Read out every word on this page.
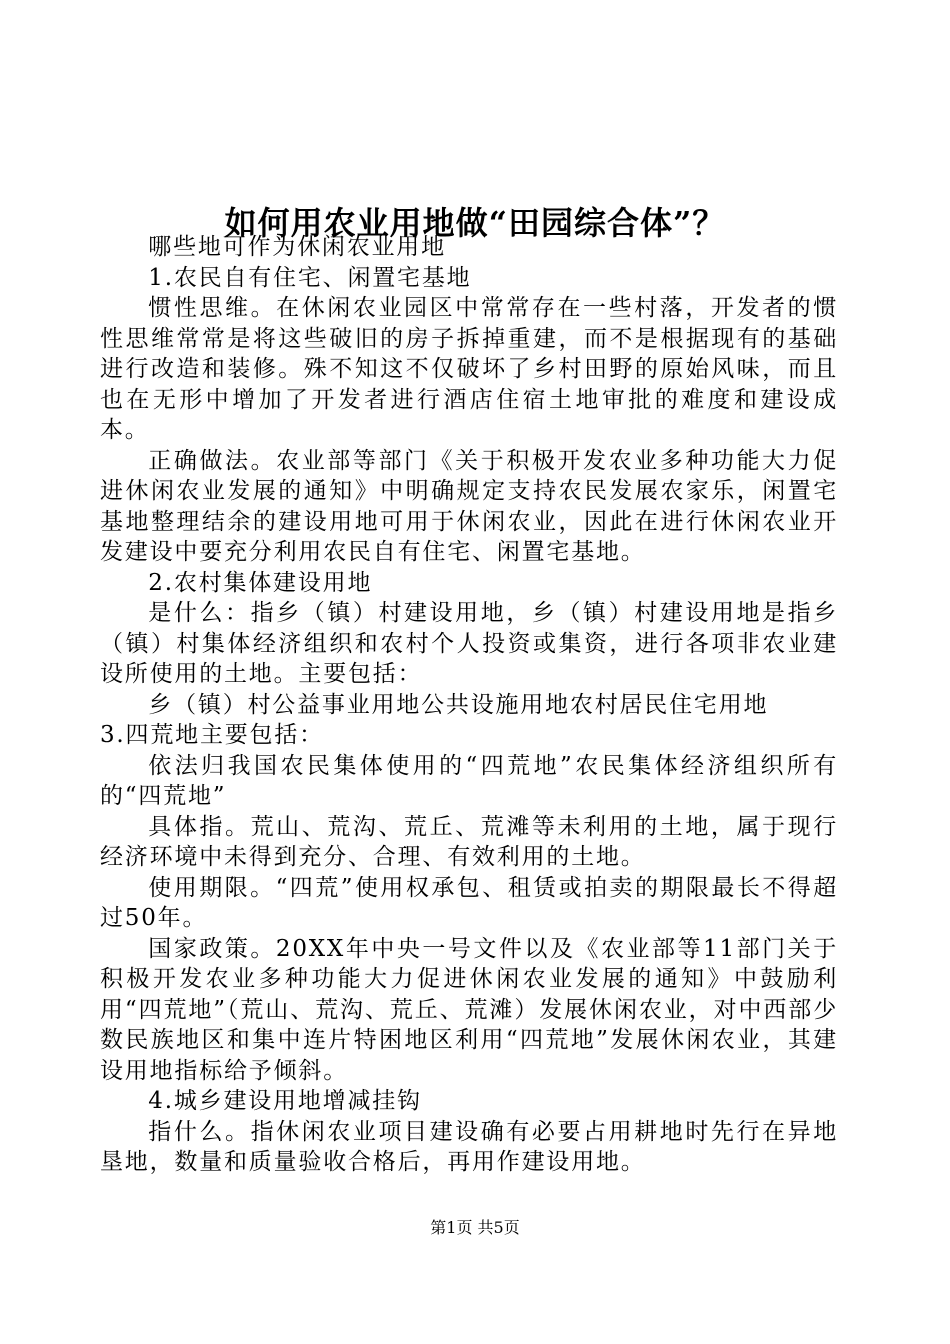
如何用农业用地做“田园综合体”？

哪些地可作为休闲农业用地

1.农民自有住宅、闲置宅基地

惯性思维。在休闲农业园区中常常存在一些村落，开发者的惯性思维常常是将这些破旧的房子拆掉重建，而不是根据现有的基础进行改造和装修。殊不知这不仅破坏了乡村田野的原始风味，而且也在无形中增加了开发者进行酒店住宿土地审批的难度和建设成本。

正确做法。农业部等部门《关于积极开发农业多种功能大力促进休闲农业发展的通知》中明确规定支持农民发展农家乐，闲置宅基地整理结余的建设用地可用于休闲农业，因此在进行休闲农业开发建设中要充分利用农民自有住宅、闲置宅基地。

2.农村集体建设用地

是什么：指乡（镇）村建设用地，乡（镇）村建设用地是指乡（镇）村集体经济组织和农村个人投资或集资，进行各项非农业建设所使用的土地。主要包括：

乡（镇）村公益事业用地公共设施用地农村居民住宅用地

3.四荒地主要包括：

依法归我国农民集体使用的“四荒地”农民集体经济组织所有的“四荒地”

具体指。荒山、荒沟、荒丘、荒滩等未利用的土地，属于现行经济环境中未得到充分、合理、有效利用的土地。

使用期限。“四荒”使用权承包、租赁或拍卖的期限最长不得超过50年。

国家政策。20XX年中央一号文件以及《农业部等11部门关于积极开发农业多种功能大力促进休闲农业发展的通知》中鼓励利用“四荒地”（荒山、荒沟、荒丘、荒滩）发展休闲农业，对中西部少数民族地区和集中连片特困地区利用“四荒地”发展休闲农业，其建设用地指标给予倾斜。

4.城乡建设用地增减挂钩

指什么。指休闲农业项目建设确有必要占用耕地时先行在异地垦地，数量和质量验收合格后，再用作建设用地。

第1页 共5页
